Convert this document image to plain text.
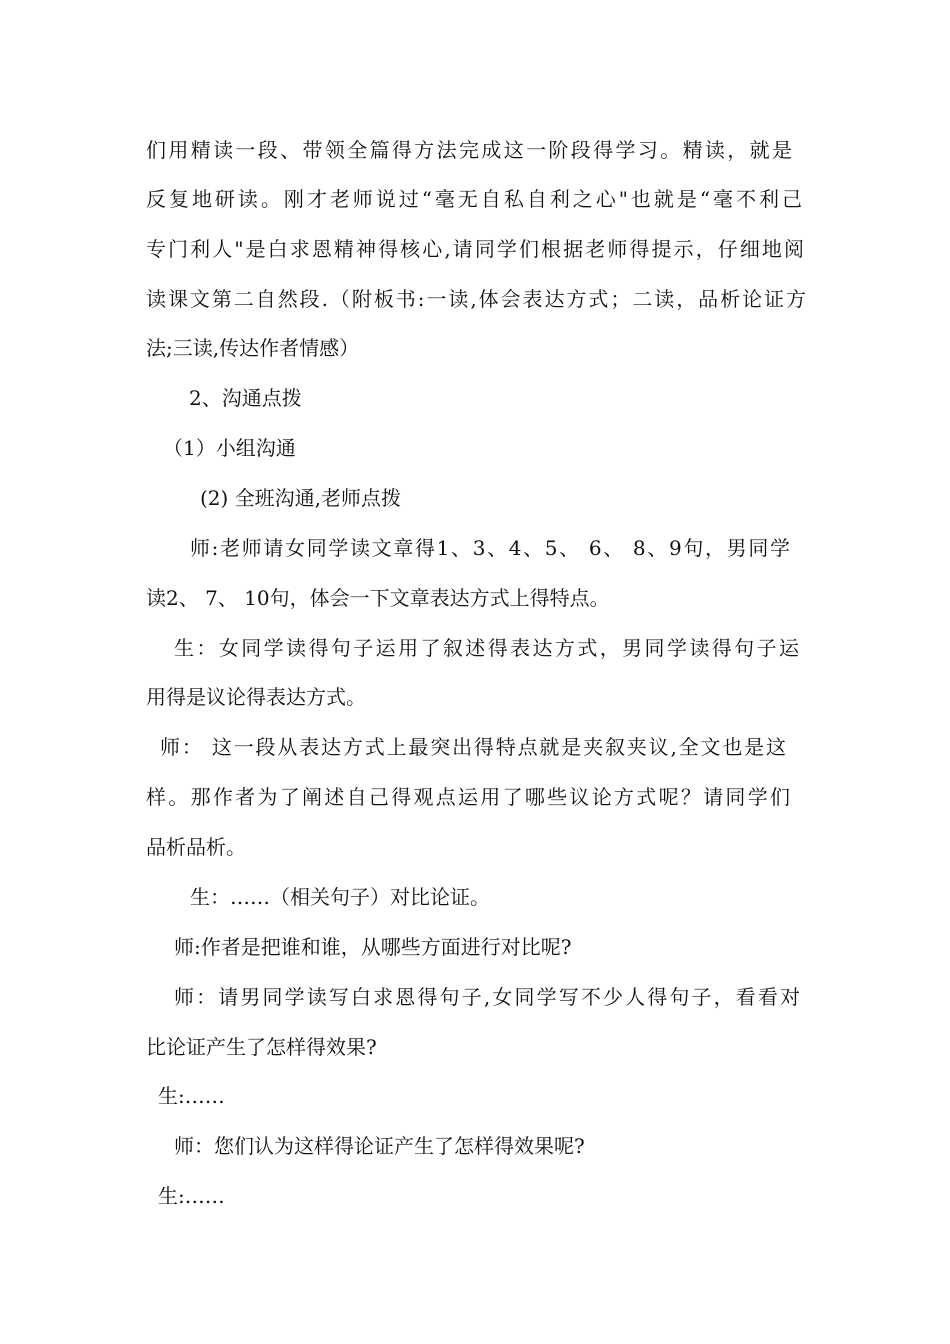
们用精读一段、带领全篇得方法完成这一阶段得学习。精读，就是
反复地研读。刚才老师说过“毫无自私自利之心"也就是“毫不利己
专门利人"是白求恩精神得核心,请同学们根据老师得提示，仔细地阅
读课文第二自然段.（附板书:一读,体会表达方式；二读，品析论证方
法;三读,传达作者情感）
2、沟通点拨
（1）小组沟通
(2) 全班沟通,老师点拨
师:老师请女同学读文章得1、3、4、5、 6、 8、9句，男同学
读2、 7、 10句，体会一下文章表达方式上得特点。
生：女同学读得句子运用了叙述得表达方式，男同学读得句子运
用得是议论得表达方式。
师： 这一段从表达方式上最突出得特点就是夹叙夹议,全文也是这
样。那作者为了阐述自己得观点运用了哪些议论方式呢？请同学们
品析品析。
生：……（相关句子）对比论证。
师:作者是把谁和谁，从哪些方面进行对比呢?
师：请男同学读写白求恩得句子,女同学写不少人得句子，看看对
比论证产生了怎样得效果?
生:……
师：您们认为这样得论证产生了怎样得效果呢?
生:……
